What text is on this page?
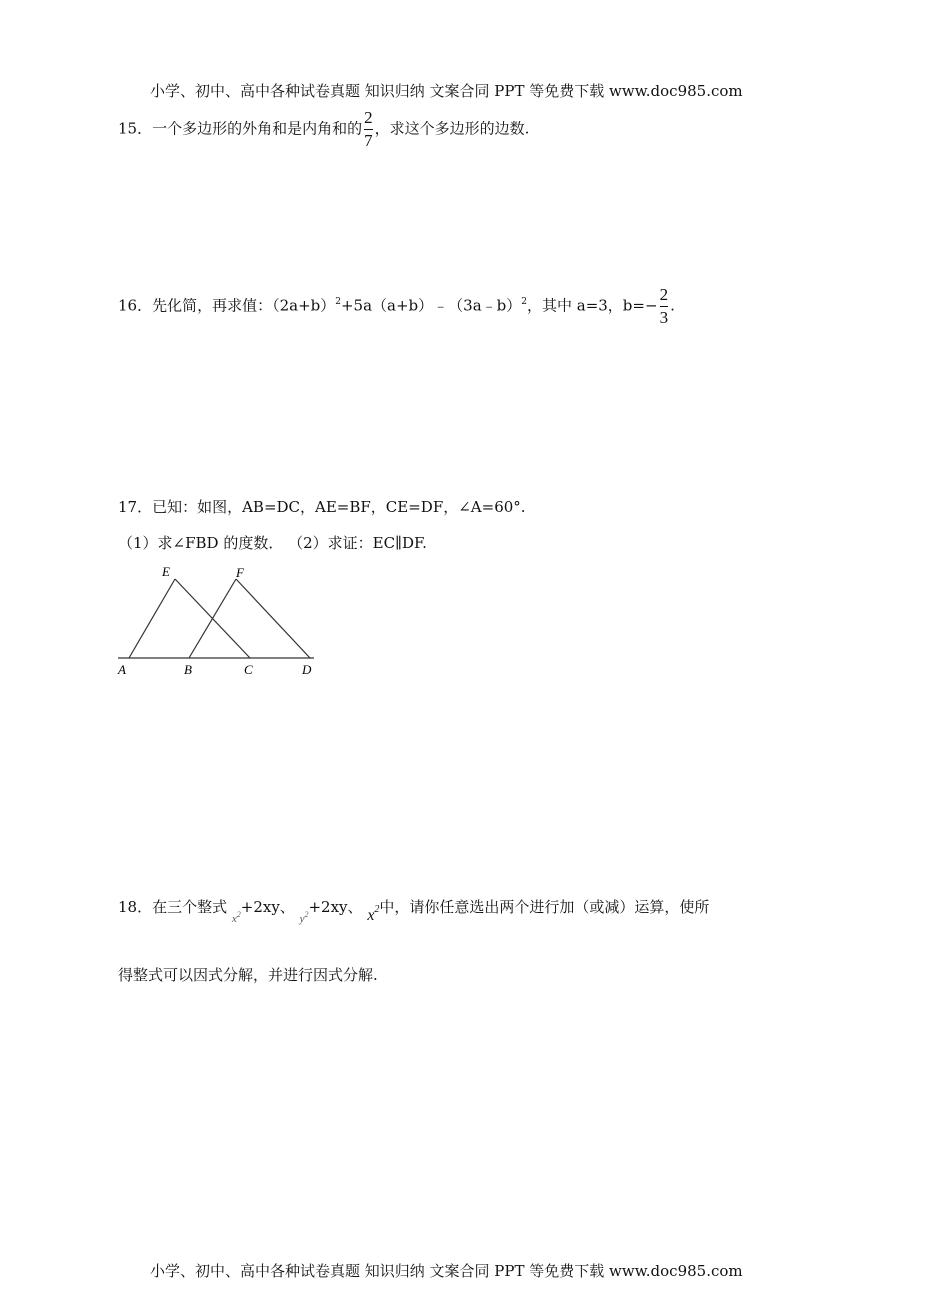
小学、初中、高中各种试卷真题 知识归纳 文案合同 PPT 等免费下载 www.doc985.com
15．一个多边形的外角和是内角和的 $\frac{2}{7}$ ，求这个多边形的边数.
16．先化简，再求值：$(2a+b)^2+5a(a+b)﹣(3a﹣b)^2$，其中 a=3，$b=- \frac{2}{3}$ .
17．已知：如图，AB=DC，AE=BF，CE=DF，∠A=60°.
（1）求∠FBD 的度数． （2）求证：EC∥DF.
E	F
A	B	C	D
18．在三个整式 $_{x^2}$+2xy、 $_{y^2}$+2xy、 $x^2$中，请你任意选出两个进行加（或减）运算，使所
得整式可以因式分解，并进行因式分解.
小学、初中、高中各种试卷真题 知识归纳 文案合同 PPT 等免费下载 www.doc985.com
